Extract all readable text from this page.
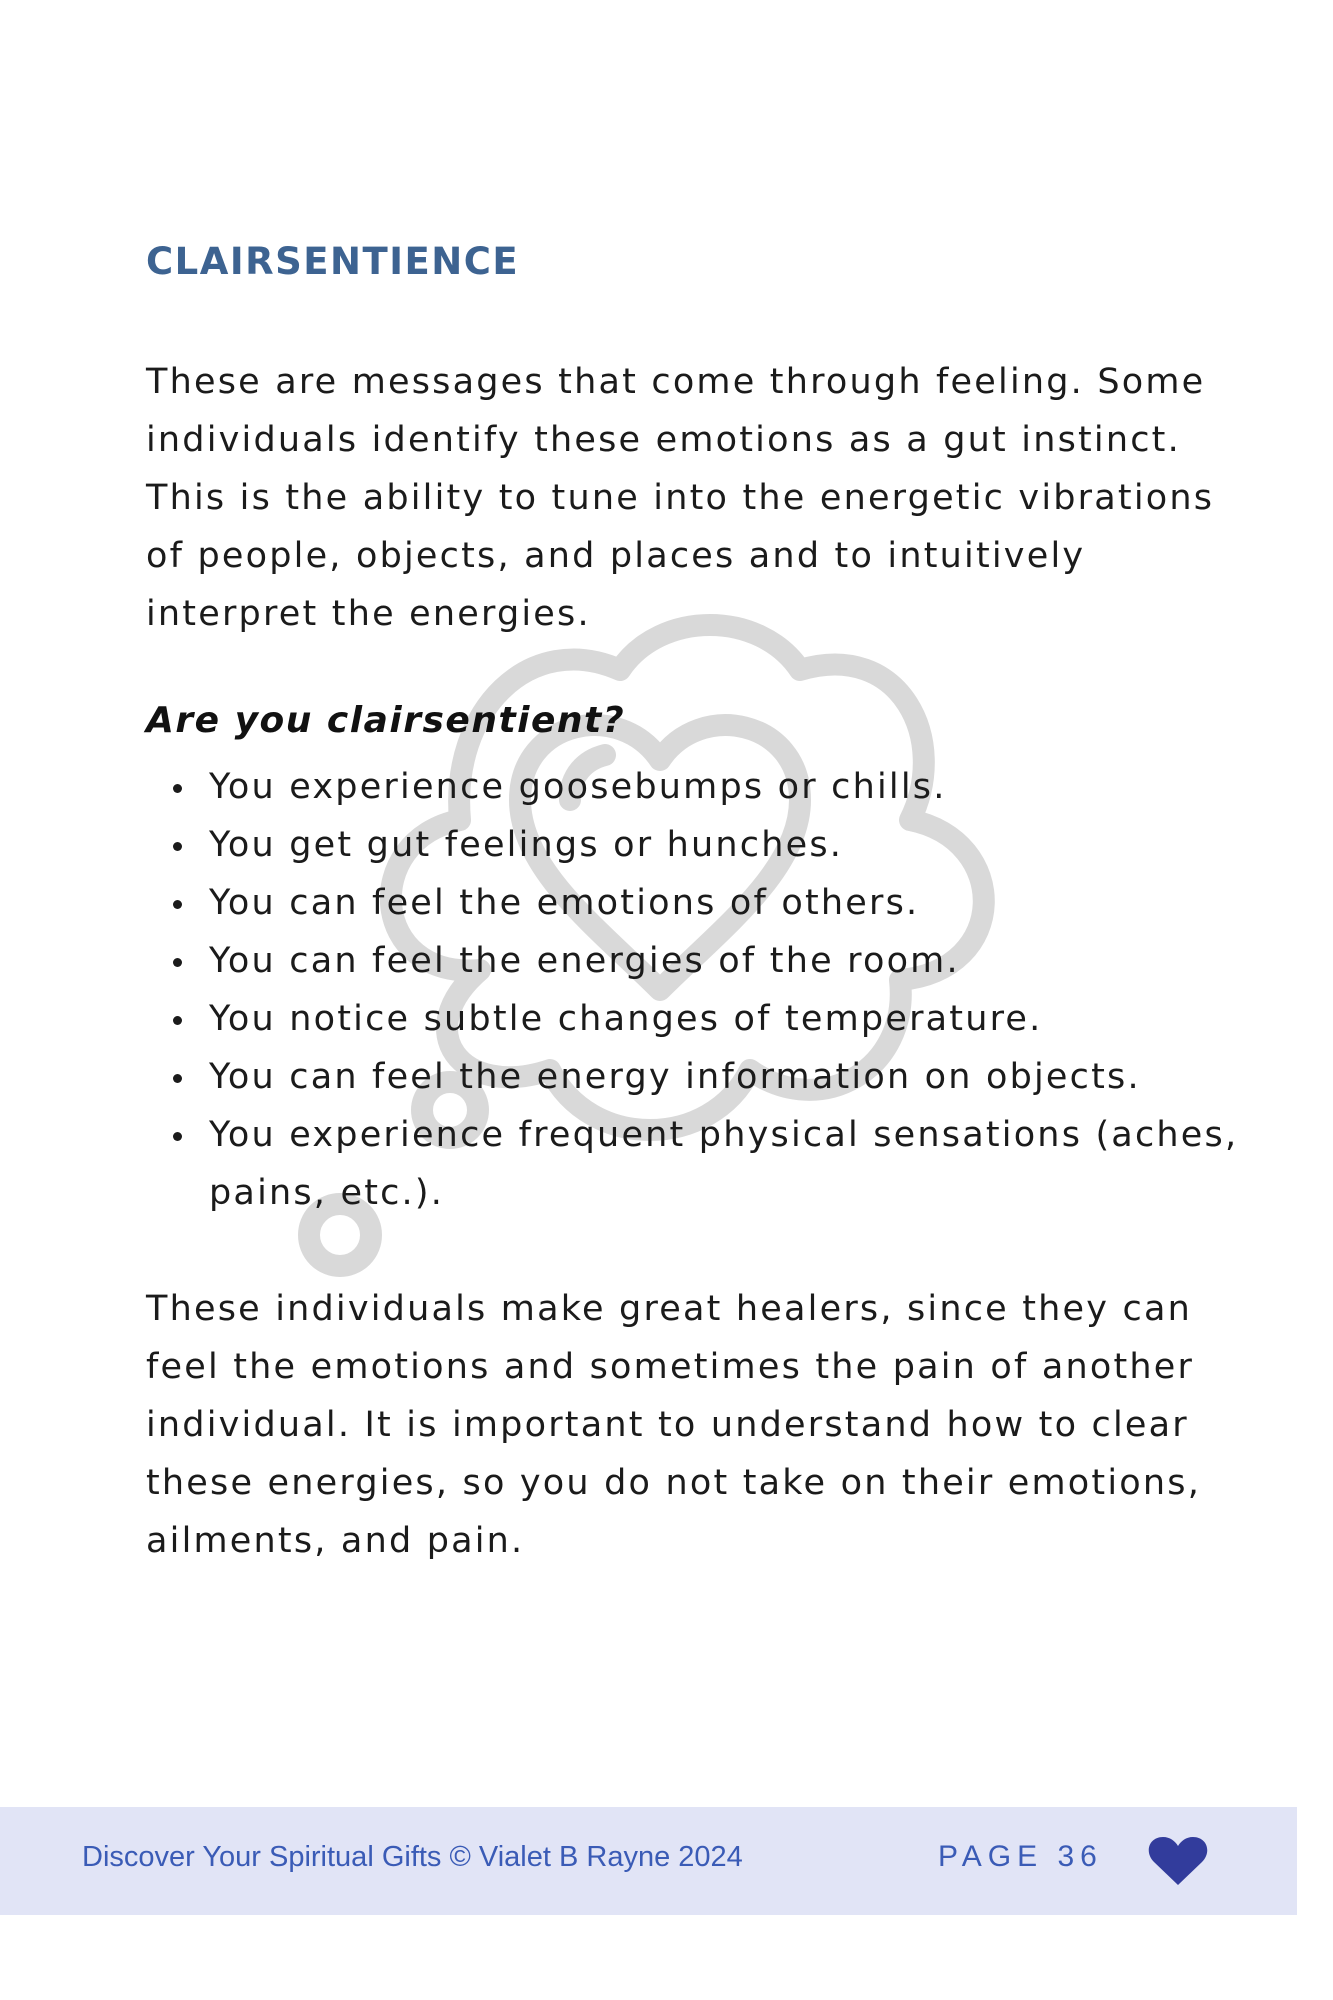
CLAIRSENTIENCE

These are messages that come through feeling. Some individuals identify these emotions as a gut instinct. This is the ability to tune into the energetic vibrations of people, objects, and places and to intuitively interpret the energies.

Are you clairsentient?

You experience goosebumps or chills.
You get gut feelings or hunches.
You can feel the emotions of others.
You can feel the energies of the room.
You notice subtle changes of temperature.
You can feel the energy information on objects.
You experience frequent physical sensations (aches, pains, etc.).

These individuals make great healers, since they can feel the emotions and sometimes the pain of another individual. It is important to understand how to clear these energies, so you do not take on their emotions, ailments, and pain.

Discover Your Spiritual Gifts © Vialet B Rayne 2024	PAGE 36
